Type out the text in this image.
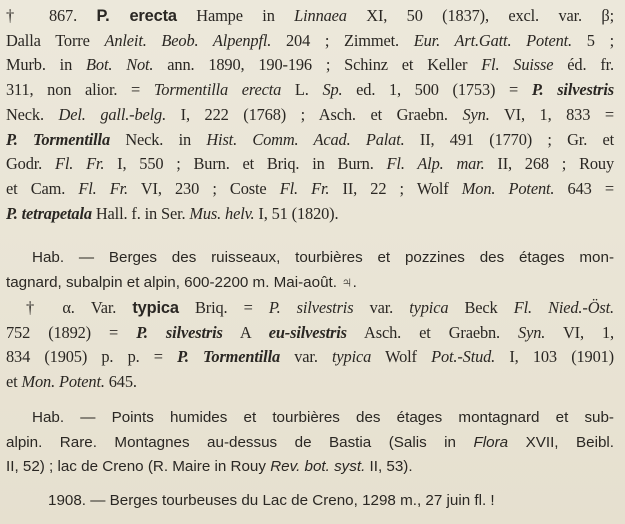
† 867. P. erecta Hampe in Linnaea XI, 50 (1837), excl. var. β;
Dalla Torre Anleit. Beob. Alpenpfl. 204 ; Zimmet. Eur. Art.Gatt. Potent. 5 ;
Murb. in Bot. Not. ann. 1890, 190-196 ; Schinz et Keller Fl. Suisse éd. fr.
311, non alior. = Tormentilla erecta L. Sp. ed. 1, 500 (1753) = P. silvestris
Neck. Del. gall.-belg. I, 222 (1768) ; Asch. et Graebn. Syn. VI, 1, 833 =
P. Tormentilla Neck. in Hist. Comm. Acad. Palat. II, 491 (1770) ; Gr. et
Godr. Fl. Fr. I, 550 ; Burn. et Briq. in Burn. Fl. Alp. mar. II, 268 ; Rouy
et Cam. Fl. Fr. VI, 230 ; Coste Fl. Fr. II, 22 ; Wolf Mon. Potent. 643 =
P. tetrapetala Hall. f. in Ser. Mus. helv. I, 51 (1820).
Hab. — Berges des ruisseaux, tourbières et pozzines des étages mon-
tagnard, subalpin et alpin, 600-2200 m. Mai-août. ♃.
† α. Var. typica Briq. = P. silvestris var. typica Beck Fl. Nied.-Öst.
752 (1892) = P. silvestris A eu-silvestris Asch. et Graebn. Syn. VI, 1,
834 (1905) p. p. = P. Tormentilla var. typica Wolf Pot.-Stud. I, 103 (1901)
et Mon. Potent. 645.
Hab. — Points humides et tourbières des étages montagnard et sub-
alpin. Rare. Montagnes au-dessus de Bastia (Salis in Flora XVII, Beibl.
II, 52) ; lac de Creno (R. Maire in Rouy Rev. bot. syst. II, 53).
1908. — Berges tourbeuses du Lac de Creno, 1298 m., 27 juin fl. !
